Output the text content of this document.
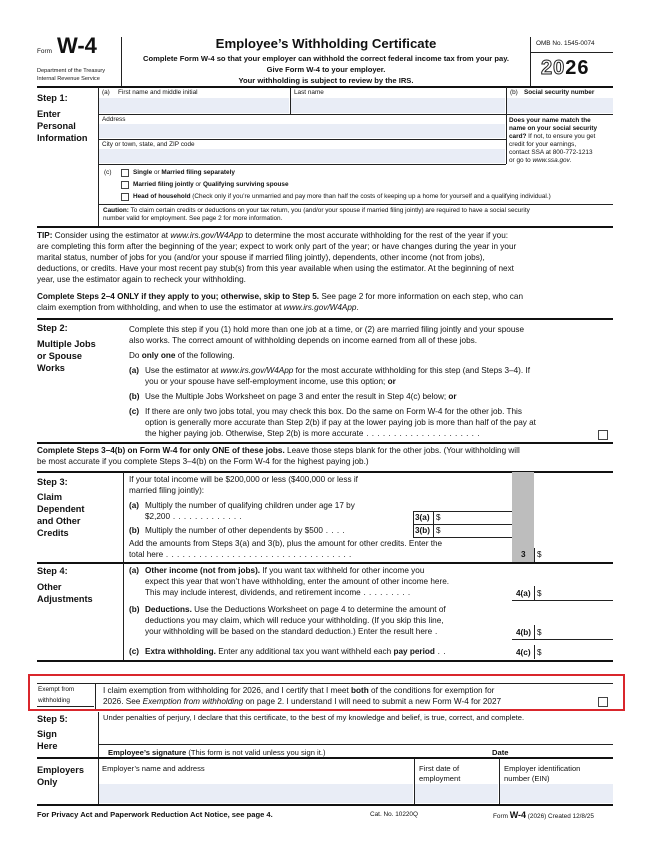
Form W-4
Department of the Treasury
Internal Revenue Service
Employee’s Withholding Certificate
Complete Form W-4 so that your employer can withhold the correct federal income tax from your pay.
Give Form W-4 to your employer.
Your withholding is subject to review by the IRS.
OMB No. 1545-0074
2026
Step 1:
Enter
Personal
Information
(a) First name and middle initial	Last name	(b) Social security number
Address
City or town, state, and ZIP code
Does your name match the
name on your social security
card? If not, to ensure you get
credit for your earnings,
contact SSA at 800-772-1213
or go to www.ssa.gov.
(c)	Single or Married filing separately
Married filing jointly or Qualifying surviving spouse
Head of household (Check only if you’re unmarried and pay more than half the costs of keeping up a home for yourself and a qualifying individual.)
Caution: To claim certain credits or deductions on your tax return, you (and/or your spouse if married filing jointly) are required to have a social security
number valid for employment. See page 2 for more information.
TIP: Consider using the estimator at www.irs.gov/W4App to determine the most accurate withholding for the rest of the year if you:
are completing this form after the beginning of the year; expect to work only part of the year; or have changes during the year in your
marital status, number of jobs for you (and/or your spouse if married filing jointly), dependents, other income (not from jobs),
deductions, or credits. Have your most recent pay stub(s) from this year available when using the estimator. At the beginning of next
year, use the estimator again to recheck your withholding.
Complete Steps 2–4 ONLY if they apply to you; otherwise, skip to Step 5. See page 2 for more information on each step, who can
claim exemption from withholding, and when to use the estimator at www.irs.gov/W4App.
Step 2:
Multiple Jobs
or Spouse
Works
Complete this step if you (1) hold more than one job at a time, or (2) are married filing jointly and your spouse
also works. The correct amount of withholding depends on income earned from all of these jobs.
Do only one of the following.
(a) Use the estimator at www.irs.gov/W4App for the most accurate withholding for this step (and Steps 3–4). If
you or your spouse have self-employment income, use this option; or
(b) Use the Multiple Jobs Worksheet on page 3 and enter the result in Step 4(c) below; or
(c) If there are only two jobs total, you may check this box. Do the same on Form W-4 for the other job. This
option is generally more accurate than Step 2(b) if pay at the lower paying job is more than half of the pay at
the higher paying job. Otherwise, Step 2(b) is more accurate . . . . . . . . . . . . . . . . . . . . .
Complete Steps 3–4(b) on Form W-4 for only ONE of these jobs. Leave those steps blank for the other jobs. (Your withholding will
be most accurate if you complete Steps 3–4(b) on the Form W-4 for the highest paying job.)
Step 3:
Claim
Dependent
and Other
Credits
If your total income will be $200,000 or less ($400,000 or less if
married filing jointly):
(a) Multiply the number of qualifying children under age 17 by
$2,200 . . . . . . . . . . . . .
(b) Multiply the number of other dependents by $500 . . . .
3(a) $
3(b) $
Add the amounts from Steps 3(a) and 3(b), plus the amount for other credits. Enter the
total here . . . . . . . . . . . . . . . . . . . . . . . . . . . . . . . . . .	3 $
Step 4:
Other
Adjustments
(a) Other income (not from jobs). If you want tax withheld for other income you
expect this year that won’t have withholding, enter the amount of other income here.
This may include interest, dividends, and retirement income . . . . . . . . .	4(a) $
(b) Deductions. Use the Deductions Worksheet on page 4 to determine the amount of
deductions you may claim, which will reduce your withholding. (If you skip this line,
your withholding will be based on the standard deduction.) Enter the result here .	4(b) $
(c) Extra withholding. Enter any additional tax you want withheld each pay period . .	4(c) $
Exempt from
withholding
I claim exemption from withholding for 2026, and I certify that I meet both of the conditions for exemption for
2026. See Exemption from withholding on page 2. I understand I will need to submit a new Form W-4 for 2027
Step 5:
Sign
Here
Under penalties of perjury, I declare that this certificate, to the best of my knowledge and belief, is true, correct, and complete.
Employee’s signature (This form is not valid unless you sign it.)	Date
Employers
Only
Employer’s name and address	First date of
employment
Employer identification
number (EIN)
For Privacy Act and Paperwork Reduction Act Notice, see page 4.	Cat. No. 10220Q	Form W-4 (2026) Created 12/8/25
